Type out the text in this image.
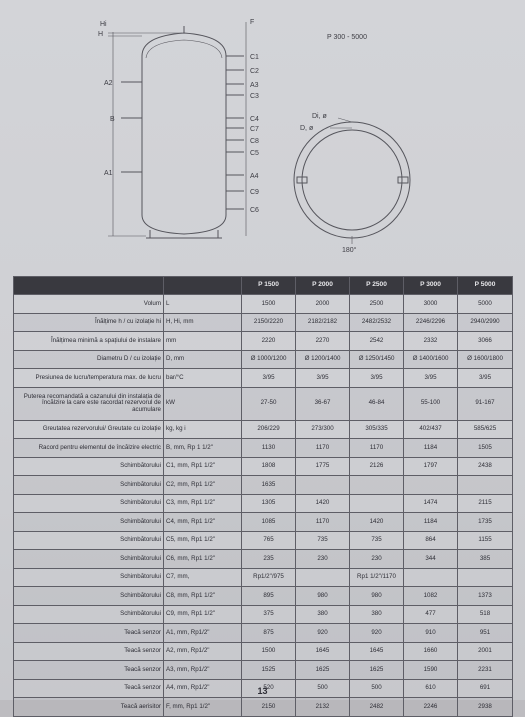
Hi
H
A2
B
A1
F
C1
C2
A3
C3
C4
C7
C8
C5
A4
C9
C6
Di, ø
D, ø
180°
P 300 - 5000
		P 1500	P 2000	P 2500	P 3000	P 5000
Volum	L	1500	2000	2500	3000	5000
Înălțime h / cu izolație hi	H, Hi, mm	2150/2220	2182/2182	2482/2532	2246/2296	2940/2990
Înălțimea minimă a spațiului de instalare	mm	2220	2270	2542	2332	3066
Diametru D / cu izolație	D, mm	Ø 1000/1200	Ø 1200/1400	Ø 1250/1450	Ø 1400/1600	Ø 1600/1800
Presiunea de lucru/temperatura max. de lucru	bar/°C	3/95	3/95	3/95	3/95	3/95
Puterea recomandată a cazanului din instalația de încălzire la care este racordat rezervorul de acumulare	kW	27-50	36-67	46-84	55-100	91-167
Greutatea rezervorului/ Greutate cu izolație	kg, kg i	206/229	273/300	305/335	402/437	585/625
Racord pentru elementul de încălzire electric	B, mm, Rp 1 1/2"	1130	1170	1170	1184	1505
Schimbătorului	C1, mm, Rp1 1/2"	1808	1775	2126	1797	2438
Schimbătorului	C2, mm, Rp1 1/2"	1635				
Schimbătorului	C3, mm, Rp1 1/2"	1305	1420		1474	2115
Schimbătorului	C4, mm, Rp1 1/2"	1085	1170	1420	1184	1735
Schimbătorului	C5, mm, Rp1 1/2"	765	735	735	864	1155
Schimbătorului	C6, mm, Rp1 1/2"	235	230	230	344	385
Schimbătorului	C7, mm,	Rp1/2"/975		Rp1 1/2"/1170		
Schimbătorului	C8, mm, Rp1 1/2"	895	980	980	1082	1373
Schimbătorului	C9, mm, Rp1 1/2"	375	380	380	477	518
Teacă senzor	A1, mm, Rp1/2"	875	920	920	910	951
Teacă senzor	A2, mm, Rp1/2"	1500	1645	1645	1660	2001
Teacă senzor	A3, mm, Rp1/2"	1525	1625	1625	1590	2231
Teacă senzor	A4, mm, Rp1/2"	520	500	500	610	691
Teacă aerisitor	F, mm, Rp1 1/2"	2150	2132	2482	2246	2938
13
